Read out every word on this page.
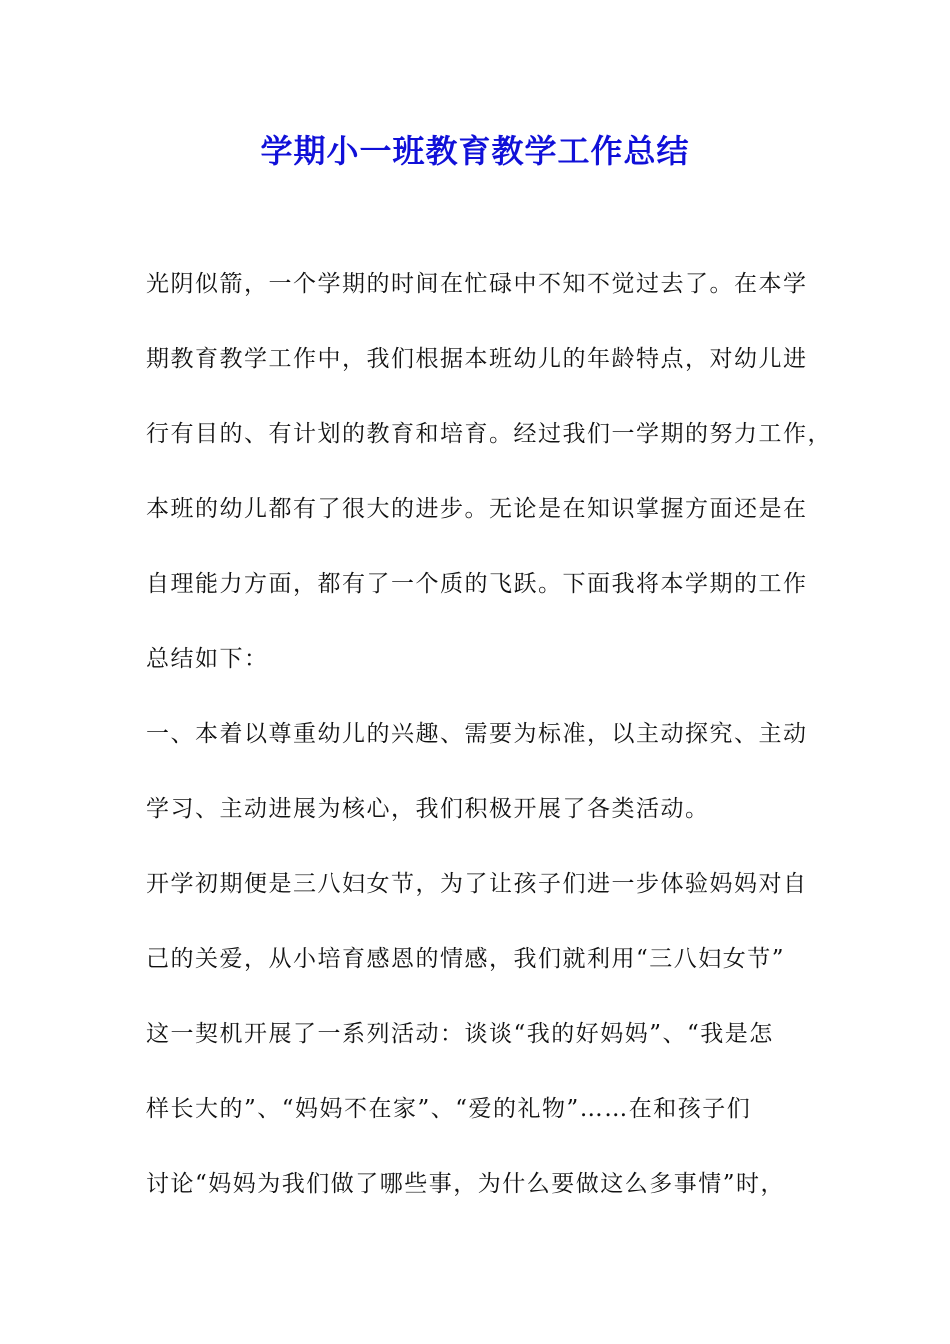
学期小一班教育教学工作总结
光阴似箭，一个学期的时间在忙碌中不知不觉过去了。在本学
期教育教学工作中，我们根据本班幼儿的年龄特点，对幼儿进
行有目的、有计划的教育和培育。经过我们一学期的努力工作，
本班的幼儿都有了很大的进步。无论是在知识掌握方面还是在
自理能力方面，都有了一个质的飞跃。下面我将本学期的工作
总结如下：
一、本着以尊重幼儿的兴趣、需要为标准，以主动探究、主动
学习、主动进展为核心，我们积极开展了各类活动。
开学初期便是三八妇女节，为了让孩子们进一步体验妈妈对自
己的关爱，从小培育感恩的情感，我们就利用“三八妇女节”
这一契机开展了一系列活动：谈谈“我的好妈妈”、“我是怎
样长大的”、“妈妈不在家”、“爱的礼物”……在和孩子们
讨论“妈妈为我们做了哪些事，为什么要做这么多事情”时，
